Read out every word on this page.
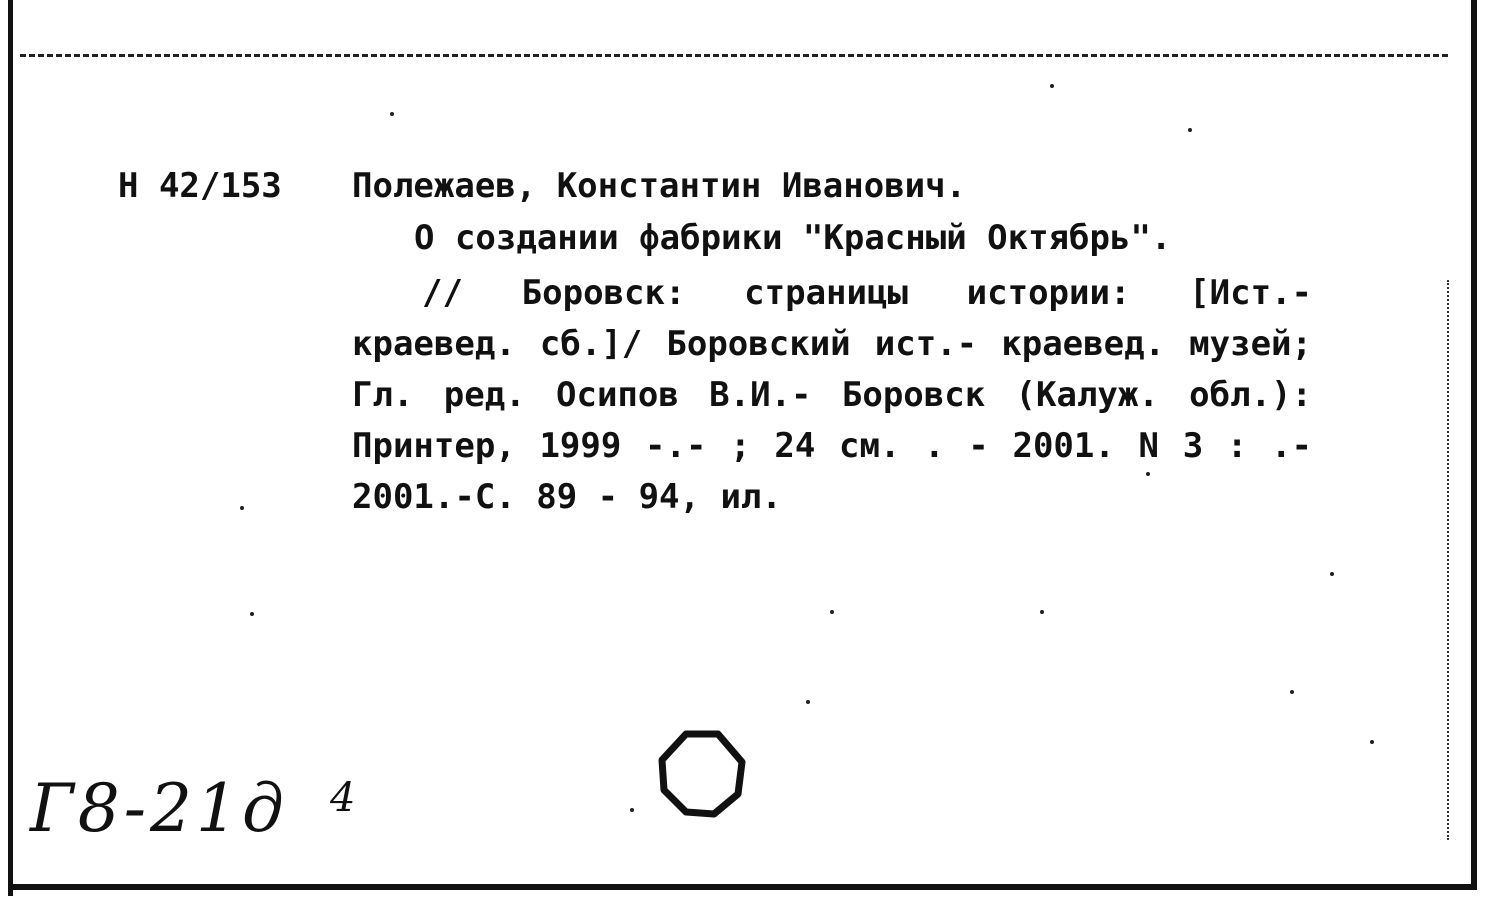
Н 42/153 Полежаев, Константин Иванович.
О создании фабрики "Красный Октябрь".

// Боровск: страницы истории: [Ист.-краевед. сб.]/ Боровский ист.- краевед. музей; Гл. ред. Осипов В.И.- Боровск (Калуж. обл.): Принтер, 1999 -.- ; 24 см. . - 2001. N 3 : .- 2001.-С. 89 - 94, ил.

Г8-21д 4
